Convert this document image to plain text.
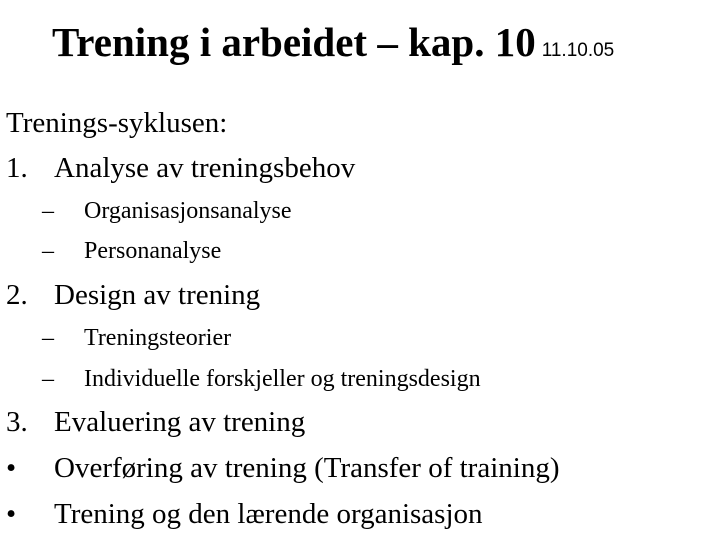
Trening i arbeidet – kap. 10 11.10.05
Trenings-syklusen:
1. Analyse av treningsbehov
– Organisasjonsanalyse
– Personanalyse
2. Design av trening
– Treningsteorier
– Individuelle forskjeller og treningsdesign
3. Evaluering av trening
• Overføring av trening (Transfer of training)
• Trening og den lærende organisasjon
